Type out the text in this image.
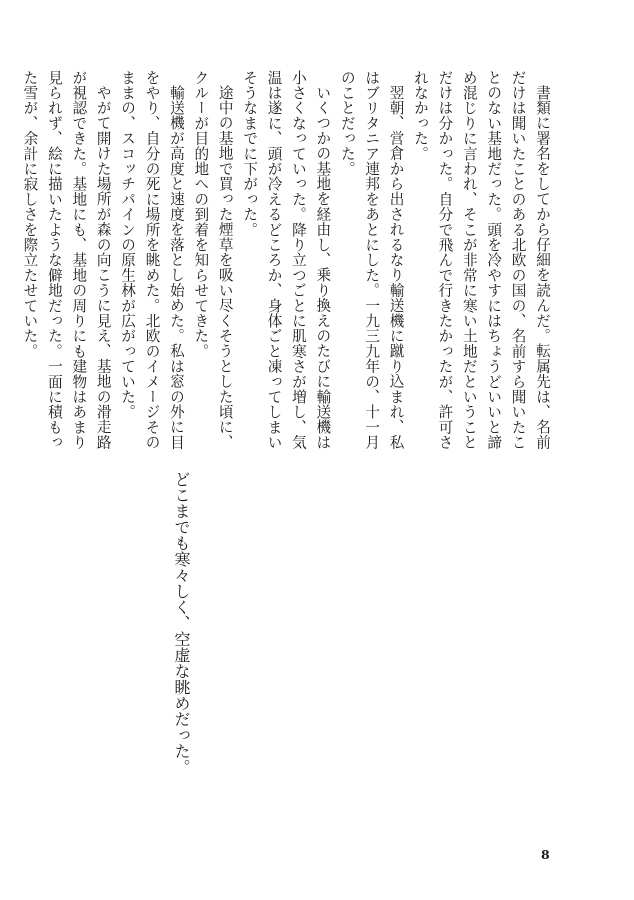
書類に署名をしてから仔細を読んだ。転属先は、名前だけは聞いたことのある北欧の国の、名前すら聞いたことのない基地だった。頭を冷やすにはちょうどいいと諦め混じりに言われ、そこが非常に寒い土地だということだけは分かった。自分で飛んで行きたかったが、許可されなかった。

翌朝、営倉から出されるなり輸送機に蹴り込まれ、私はブリタニア連邦をあとにした。一九三九年の、十一月のことだった。

いくつかの基地を経由し、乗り換えのたびに輸送機は小さくなっていった。降り立つごとに肌寒さが増し、気温は遂に、頭が冷えるどころか、身体ごと凍ってしまいそうなまでに下がった。

途中の基地で買った煙草を吸い尽くそうとした頃に、クルーが目的地への到着を知らせてきた。

輸送機が高度と速度を落とし始めた。私は窓の外に目をやり、自分の死に場所を眺めた。北欧のイメージそのままの、スコッチパインの原生林が広がっていた。

やがて開けた場所が森の向こうに見え、基地の滑走路が視認できた。基地にも、基地の周りにも建物はあまり見られず、絵に描いたような僻地だった。一面に積もった雪が、余計に寂しさを際立たせていた。

どこまでも寒々しく、空虚な眺めだった。

8
